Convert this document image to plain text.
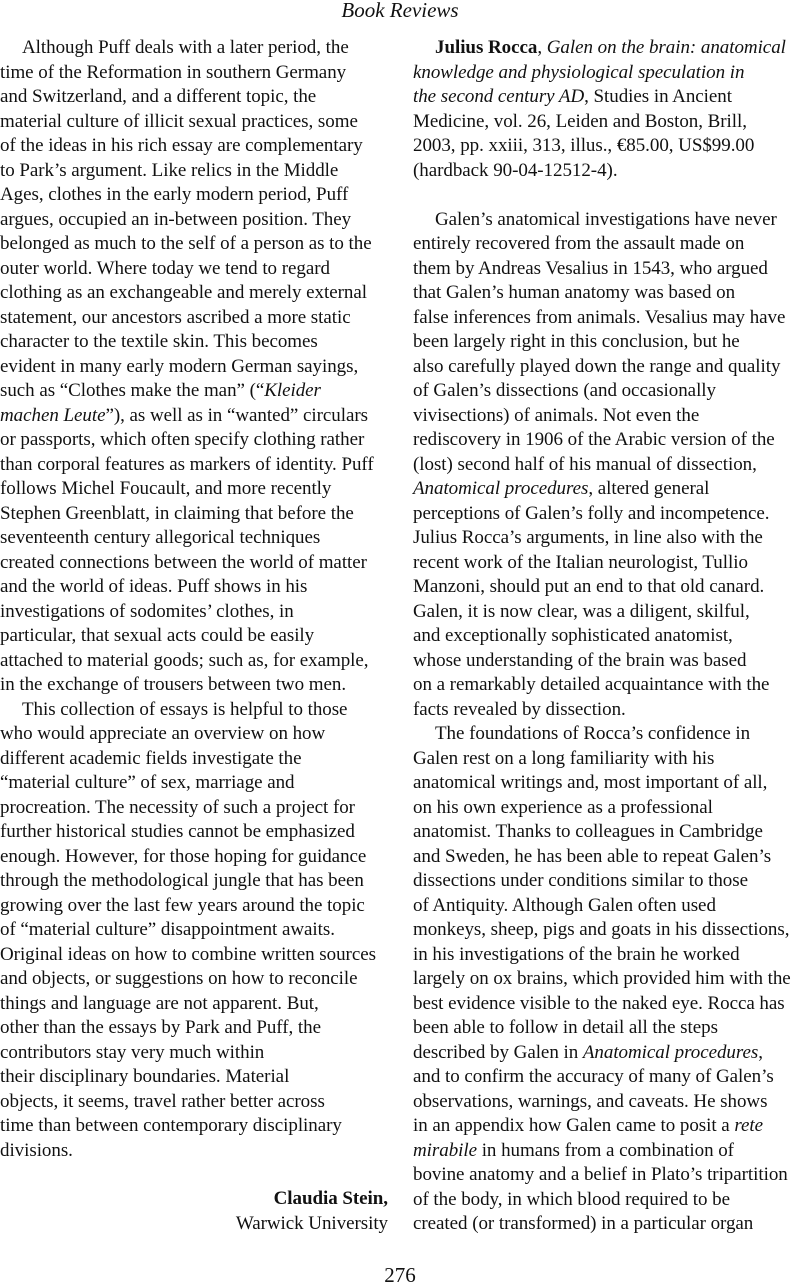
Book Reviews

Although Puff deals with a later period, the
time of the Reformation in southern Germany
and Switzerland, and a different topic, the
material culture of illicit sexual practices, some
of the ideas in his rich essay are complementary
to Park’s argument. Like relics in the Middle
Ages, clothes in the early modern period, Puff
argues, occupied an in-between position. They
belonged as much to the self of a person as to the
outer world. Where today we tend to regard
clothing as an exchangeable and merely external
statement, our ancestors ascribed a more static
character to the textile skin. This becomes
evident in many early modern German sayings,
such as “Clothes make the man” (“Kleider
machen Leute”), as well as in “wanted” circulars
or passports, which often specify clothing rather
than corporal features as markers of identity. Puff
follows Michel Foucault, and more recently
Stephen Greenblatt, in claiming that before the
seventeenth century allegorical techniques
created connections between the world of matter
and the world of ideas. Puff shows in his
investigations of sodomites’ clothes, in
particular, that sexual acts could be easily
attached to material goods; such as, for example,
in the exchange of trousers between two men.

This collection of essays is helpful to those
who would appreciate an overview on how
different academic fields investigate the
“material culture” of sex, marriage and
procreation. The necessity of such a project for
further historical studies cannot be emphasized
enough. However, for those hoping for guidance
through the methodological jungle that has been
growing over the last few years around the topic
of “material culture” disappointment awaits.
Original ideas on how to combine written sources
and objects, or suggestions on how to reconcile
things and language are not apparent. But,
other than the essays by Park and Puff, the
contributors stay very much within
their disciplinary boundaries. Material
objects, it seems, travel rather better across
time than between contemporary disciplinary
divisions.

Claudia Stein,
Warwick University

Julius Rocca, Galen on the brain: anatomical
knowledge and physiological speculation in
the second century AD, Studies in Ancient
Medicine, vol. 26, Leiden and Boston, Brill,
2003, pp. xxiii, 313, illus., €85.00, US$99.00
(hardback 90-04-12512-4).

Galen’s anatomical investigations have never
entirely recovered from the assault made on
them by Andreas Vesalius in 1543, who argued
that Galen’s human anatomy was based on
false inferences from animals. Vesalius may have
been largely right in this conclusion, but he
also carefully played down the range and quality
of Galen’s dissections (and occasionally
vivisections) of animals. Not even the
rediscovery in 1906 of the Arabic version of the
(lost) second half of his manual of dissection,
Anatomical procedures, altered general
perceptions of Galen’s folly and incompetence.
Julius Rocca’s arguments, in line also with the
recent work of the Italian neurologist, Tullio
Manzoni, should put an end to that old canard.
Galen, it is now clear, was a diligent, skilful,
and exceptionally sophisticated anatomist,
whose understanding of the brain was based
on a remarkably detailed acquaintance with the
facts revealed by dissection.

The foundations of Rocca’s confidence in
Galen rest on a long familiarity with his
anatomical writings and, most important of all,
on his own experience as a professional
anatomist. Thanks to colleagues in Cambridge
and Sweden, he has been able to repeat Galen’s
dissections under conditions similar to those
of Antiquity. Although Galen often used
monkeys, sheep, pigs and goats in his dissections,
in his investigations of the brain he worked
largely on ox brains, which provided him with the
best evidence visible to the naked eye. Rocca has
been able to follow in detail all the steps
described by Galen in Anatomical procedures,
and to confirm the accuracy of many of Galen’s
observations, warnings, and caveats. He shows
in an appendix how Galen came to posit a rete
mirabile in humans from a combination of
bovine anatomy and a belief in Plato’s tripartition
of the body, in which blood required to be
created (or transformed) in a particular organ

276
